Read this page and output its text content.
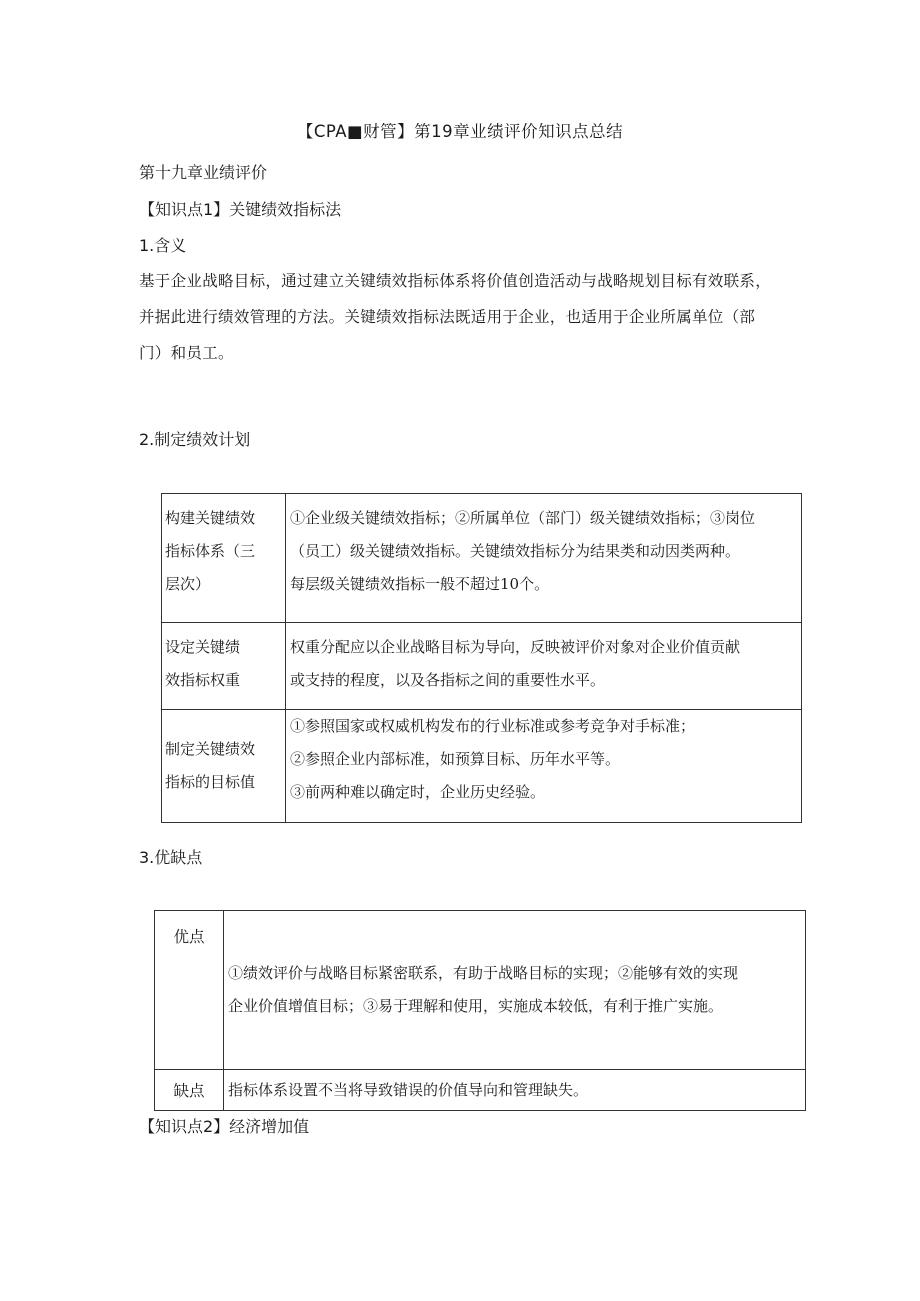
【CPA■财管】第19章业绩评价知识点总结
第十九章业绩评价
【知识点1】关键绩效指标法
1.含义
基于企业战略目标，通过建立关键绩效指标体系将价值创造活动与战略规划目标有效联系，
并据此进行绩效管理的方法。关键绩效指标法既适用于企业，也适用于企业所属单位（部
门）和员工。
2.制定绩效计划
构建关键绩效
指标体系（三
层次）	①企业级关键绩效指标；②所属单位（部门）级关键绩效指标；③岗位
（员工）级关键绩效指标。关键绩效指标分为结果类和动因类两种。
每层级关键绩效指标一般不超过10个。

设定关键绩
效指标权重	权重分配应以企业战略目标为导向，反映被评价对象对企业价值贡献
或支持的程度，以及各指标之间的重要性水平。

制定关键绩效
指标的目标值	①参照国家或权威机构发布的行业标准或参考竞争对手标准；
②参照企业内部标准，如预算目标、历年水平等。
③前两种难以确定时，企业历史经验。
3.优缺点
优点	①绩效评价与战略目标紧密联系，有助于战略目标的实现；②能够有效的实现
企业价值增值目标；③易于理解和使用，实施成本较低，有利于推广实施。

缺点	指标体系设置不当将导致错误的价值导向和管理缺失。
【知识点2】经济增加值
